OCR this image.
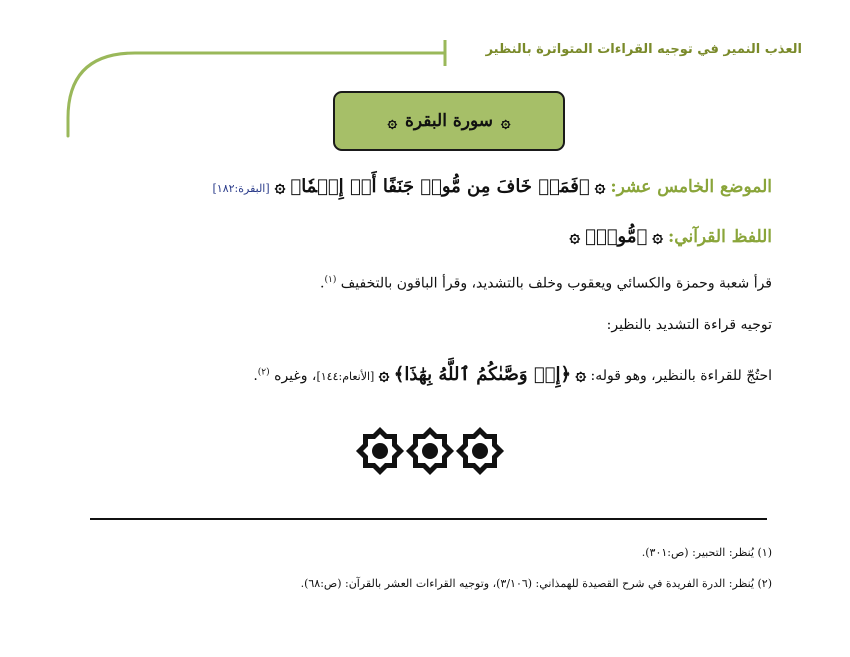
العذب النمير في توجيه القراءات المتواترة بالنظير
۞
سورة البقرة
۞
الموضع الخامس عشر: ۞ ﴿فَمَنۡ خَافَ مِن مُّوصٖ جَنَفًا أَوۡ إِثۡمٗا﴾ ۞ [البقرة:١٨٢]
اللفظ القرآني: ۞ ﴿مُّوصٖ﴾ ۞
قرأ شعبة وحمزة والكسائي ويعقوب وخلف بالتشديد، وقرأ الباقون بالتخفيف $^{(١)}$.
توجيه قراءة التشديد بالنظير:
احتُجّ للقراءة بالنظير، وهو قوله: ۞ ﴿إِذۡ وَصَّىٰكُمُ ٱللَّهُ بِهَٰذَا﴾ ۞ [الأنعام:١٤٤]، وغيره $^{(٢)}$.
(١) يُنظر: التحبير: (ص:٣٠١).
(٢) يُنظر: الدرة الفريدة في شرح القصيدة للهمذاني: (٣/١٠٦)، وتوجيه القراءات العشر بالقرآن: (ص:٦٨).
